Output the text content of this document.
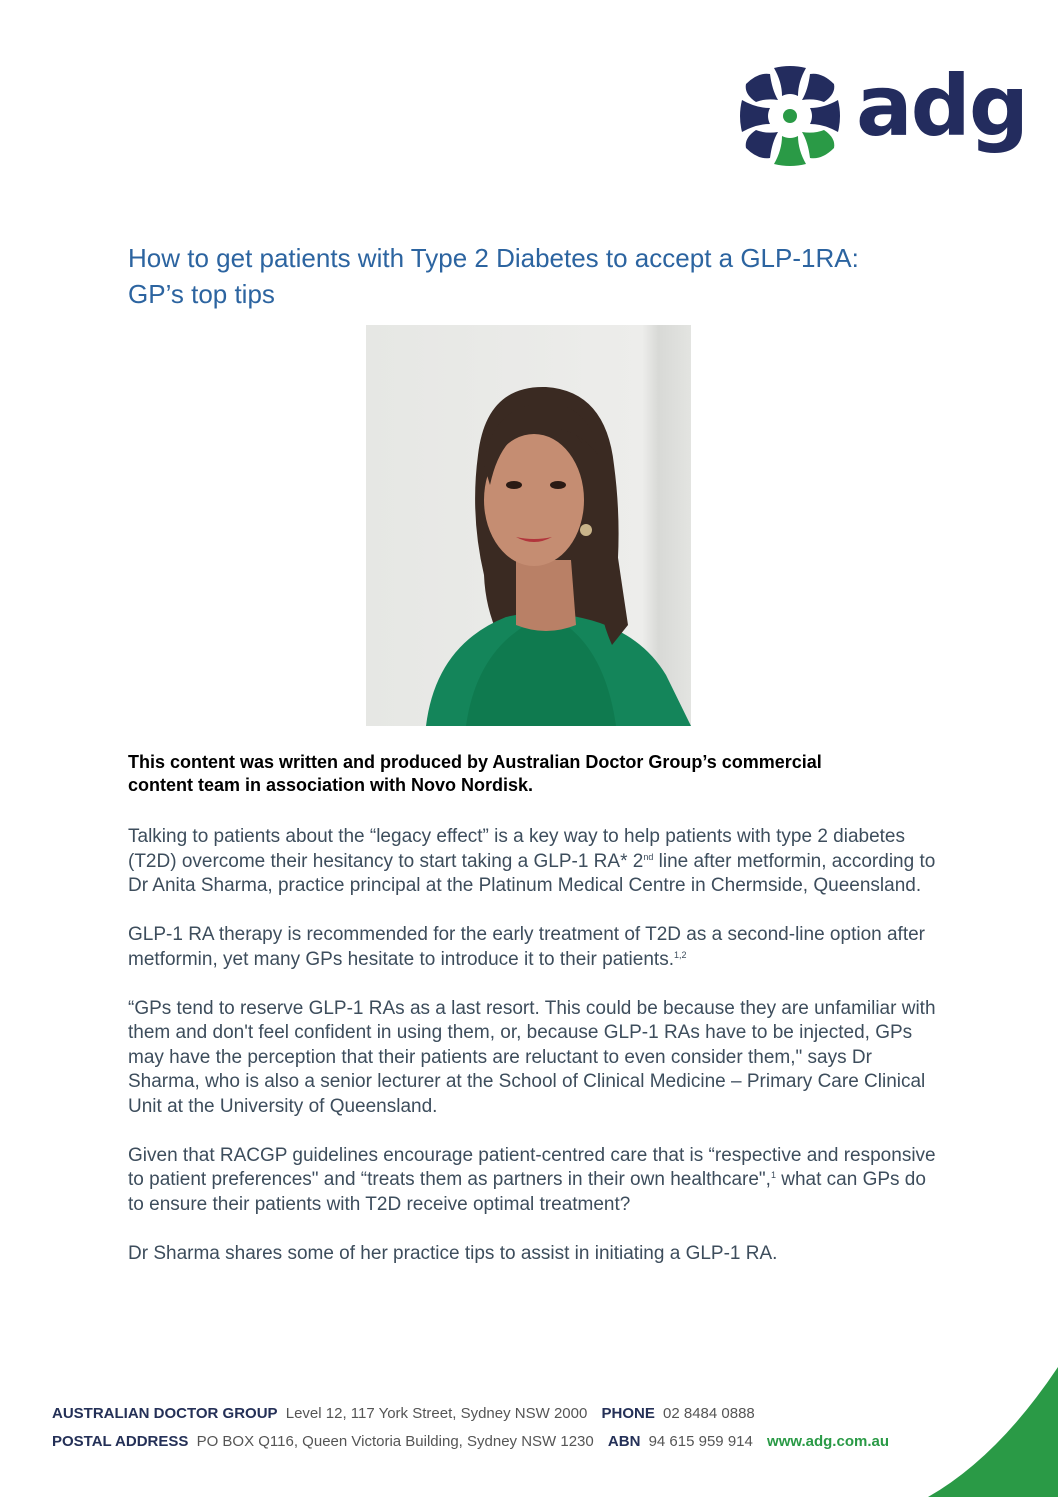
adg
How to get patients with Type 2 Diabetes to accept a GLP-1RA:
GP’s top tips

This content was written and produced by Australian Doctor Group’s commercial
content team in association with Novo Nordisk.

Talking to patients about the “legacy effect” is a key way to help patients with type 2 diabetes (T2D) overcome their hesitancy to start taking a GLP-1 RA* 2nd line after metformin, according to Dr Anita Sharma, practice principal at the Platinum Medical Centre in Chermside, Queensland.

GLP-1 RA therapy is recommended for the early treatment of T2D as a second-line option after metformin, yet many GPs hesitate to introduce it to their patients.$^{1,2}$

“GPs tend to reserve GLP-1 RAs as a last resort. This could be because they are unfamiliar with them and don't feel confident in using them, or, because GLP-1 RAs have to be injected, GPs may have the perception that their patients are reluctant to even consider them," says Dr Sharma, who is also a senior lecturer at the School of Clinical Medicine – Primary Care Clinical Unit at the University of Queensland.

Given that RACGP guidelines encourage patient-centred care that is “respective and responsive to patient preferences" and “treats them as partners in their own healthcare",$^1$ what can GPs do to ensure their patients with T2D receive optimal treatment?

Dr Sharma shares some of her practice tips to assist in initiating a GLP-1 RA.

AUSTRALIAN DOCTOR GROUP Level 12, 117 York Street, Sydney NSW 2000 PHONE 02 8484 0888
POSTAL ADDRESS PO BOX Q116, Queen Victoria Building, Sydney NSW 1230 ABN 94 615 959 914 www.adg.com.au
